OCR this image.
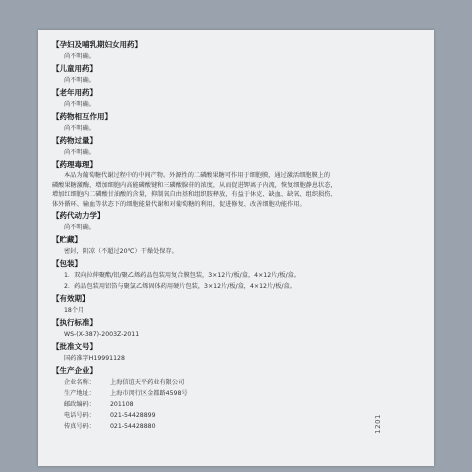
【孕妇及哺乳期妇女用药】
尚不明确。
【儿童用药】
尚不明确。
【老年用药】
尚不明确。
【药物相互作用】
尚不明确。
【药物过量】
尚不明确。
【药理毒理】
本品为葡萄糖代谢过程中的中间产物。外源性的二磷酸果糖可作用于细胞膜，通过激活细胞膜上的
磷酸果糖激酶，增加细胞内高能磷酸键和三磷酸腺苷的浓度，从而促进钾离子内流，恢复细胞静息状态，
增加红细胞内二磷酸甘油酸的含量，抑制氧自由基和组织胺释放，有益于休克、缺血、缺氧、组织损伤、
体外循环、输血等状态下的细胞能量代谢和对葡萄糖的利用，促进修复、改善细胞功能作用。
【药代动力学】
尚不明确。
【贮藏】
密封，阴凉（不超过20℃）干燥处保存。
【包装】
1．双向拉伸聚酯/铝/聚乙烯药品包装用复合膜包装，3×12片/板/盒，4×12片/板/盒。
2．药品包装用铝箔与聚氯乙烯固体药用硬片包装，3×12片/板/盒，4×12片/板/盒。
【有效期】
18个月
【执行标准】
WS-(X-387)-2003Z-2011
【批准文号】
国药准字H19991128
【生产企业】
企业名称：	上海信谊天平药业有限公司
生产地址：	上海市闵行区金都路4598号
邮政编码：	201108
电话号码：	021-54428899
传真号码：	021-54428880	1201
